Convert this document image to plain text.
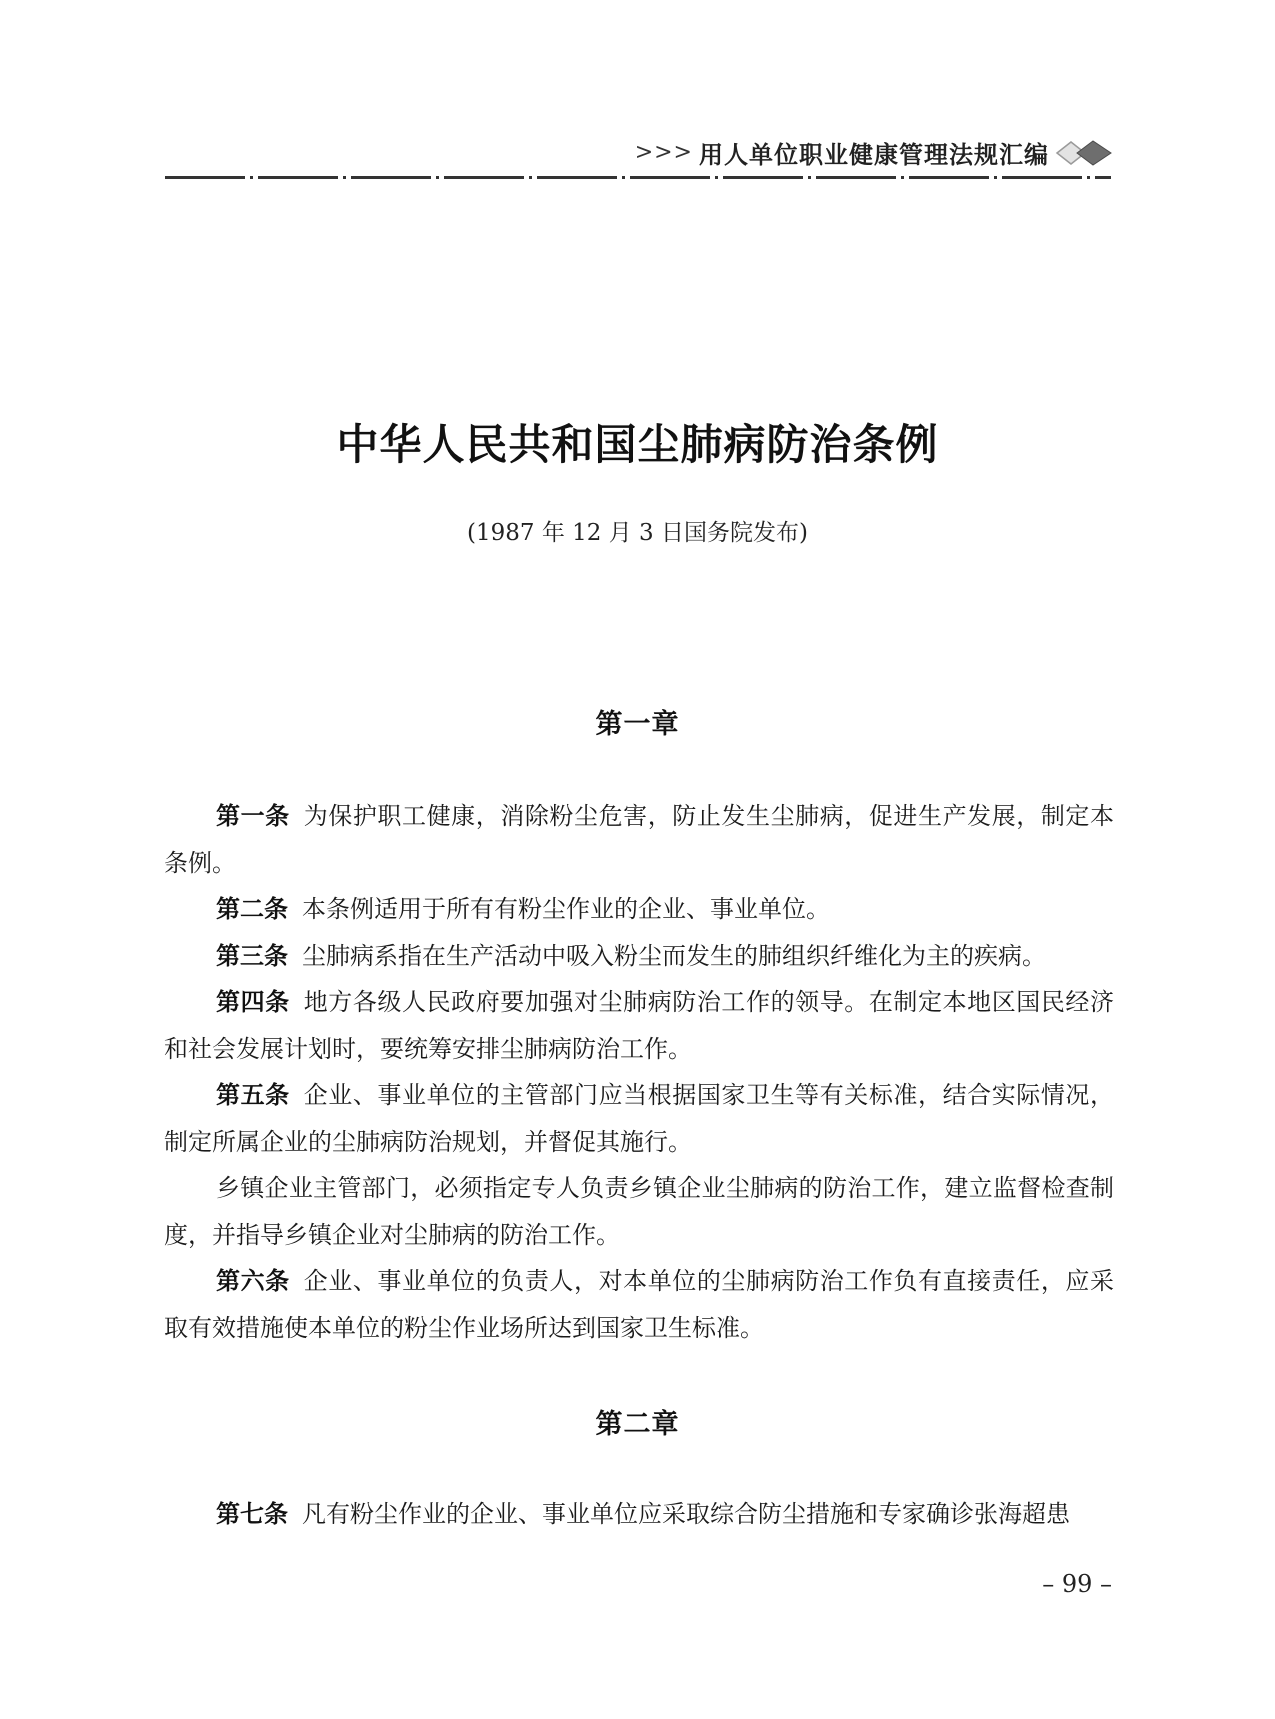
>>> 用人单位职业健康管理法规汇编
中华人民共和国尘肺病防治条例
(1987 年 12 月 3 日国务院发布)
第一章

第一条 为保护职工健康，消除粉尘危害，防止发生尘肺病，促进生产发展，制定本条例。

第二条 本条例适用于所有有粉尘作业的企业、事业单位。

第三条 尘肺病系指在生产活动中吸入粉尘而发生的肺组织纤维化为主的疾病。

第四条 地方各级人民政府要加强对尘肺病防治工作的领导。在制定本地区国民经济和社会发展计划时，要统筹安排尘肺病防治工作。

第五条 企业、事业单位的主管部门应当根据国家卫生等有关标准，结合实际情况，制定所属企业的尘肺病防治规划，并督促其施行。

乡镇企业主管部门，必须指定专人负责乡镇企业尘肺病的防治工作，建立监督检查制度，并指导乡镇企业对尘肺病的防治工作。

第六条 企业、事业单位的负责人，对本单位的尘肺病防治工作负有直接责任，应采取有效措施使本单位的粉尘作业场所达到国家卫生标准。

第二章

第七条 凡有粉尘作业的企业、事业单位应采取综合防尘措施和专家确诊张海超患

– 99 –
